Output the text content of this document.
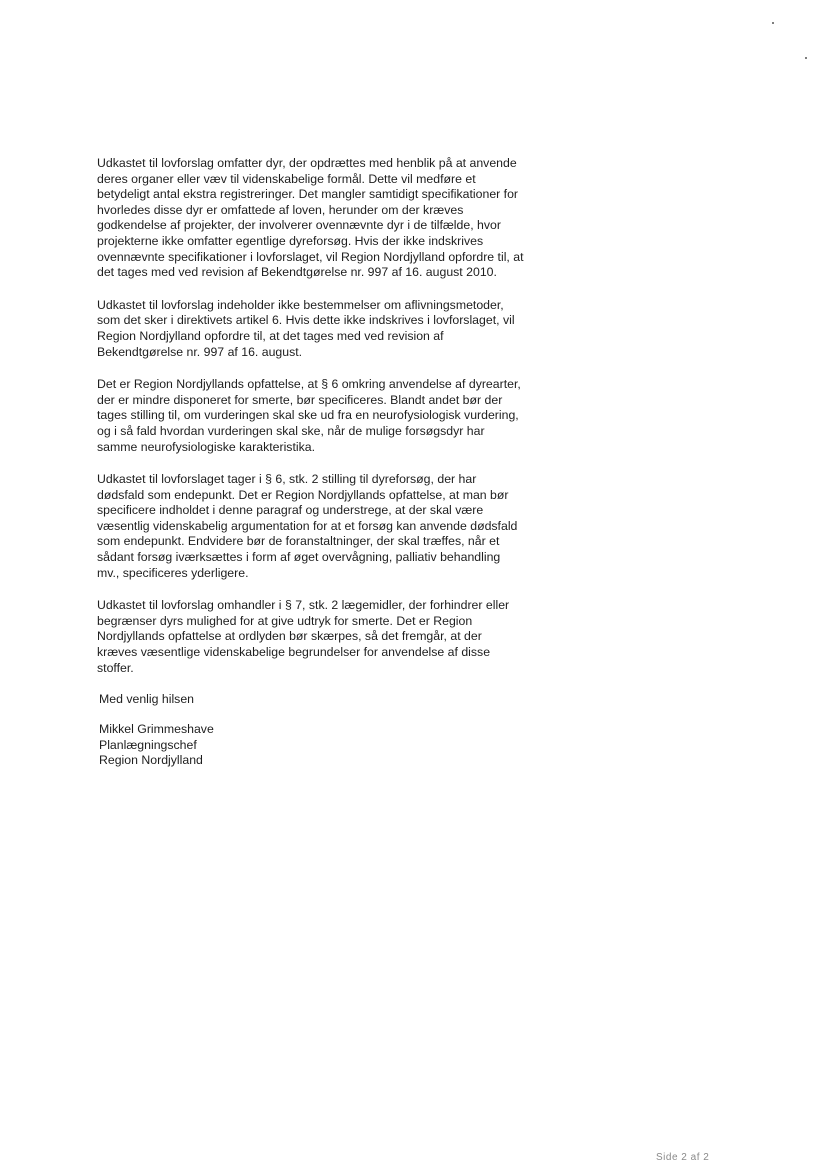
Udkastet til lovforslag omfatter dyr, der opdrættes med henblik på at anvende
deres organer eller væv til videnskabelige formål. Dette vil medføre et
betydeligt antal ekstra registreringer. Det mangler samtidigt specifikationer for
hvorledes disse dyr er omfattede af loven, herunder om der kræves
godkendelse af projekter, der involverer ovennævnte dyr i de tilfælde, hvor
projekterne ikke omfatter egentlige dyreforsøg. Hvis der ikke indskrives
ovennævnte specifikationer i lovforslaget, vil Region Nordjylland opfordre til, at
det tages med ved revision af Bekendtgørelse nr. 997 af 16. august 2010.

Udkastet til lovforslag indeholder ikke bestemmelser om aflivningsmetoder,
som det sker i direktivets artikel 6. Hvis dette ikke indskrives i lovforslaget, vil
Region Nordjylland opfordre til, at det tages med ved revision af
Bekendtgørelse nr. 997 af 16. august.

Det er Region Nordjyllands opfattelse, at § 6 omkring anvendelse af dyrearter,
der er mindre disponeret for smerte, bør specificeres. Blandt andet bør der
tages stilling til, om vurderingen skal ske ud fra en neurofysiologisk vurdering,
og i så fald hvordan vurderingen skal ske, når de mulige forsøgsdyr har
samme neurofysiologiske karakteristika.

Udkastet til lovforslaget tager i § 6, stk. 2 stilling til dyreforsøg, der har
dødsfald som endepunkt. Det er Region Nordjyllands opfattelse, at man bør
specificere indholdet i denne paragraf og understrege, at der skal være
væsentlig videnskabelig argumentation for at et forsøg kan anvende dødsfald
som endepunkt. Endvidere bør de foranstaltninger, der skal træffes, når et
sådant forsøg iværksættes i form af øget overvågning, palliativ behandling
mv., specificeres yderligere.

Udkastet til lovforslag omhandler i § 7, stk. 2 lægemidler, der forhindrer eller
begrænser dyrs mulighed for at give udtryk for smerte. Det er Region
Nordjyllands opfattelse at ordlyden bør skærpes, så det fremgår, at der
kræves væsentlige videnskabelige begrundelser for anvendelse af disse
stoffer.

Med venlig hilsen
Mikkel Grimmeshave
Planlægningschef
Region Nordjylland
Side 2 af 2
